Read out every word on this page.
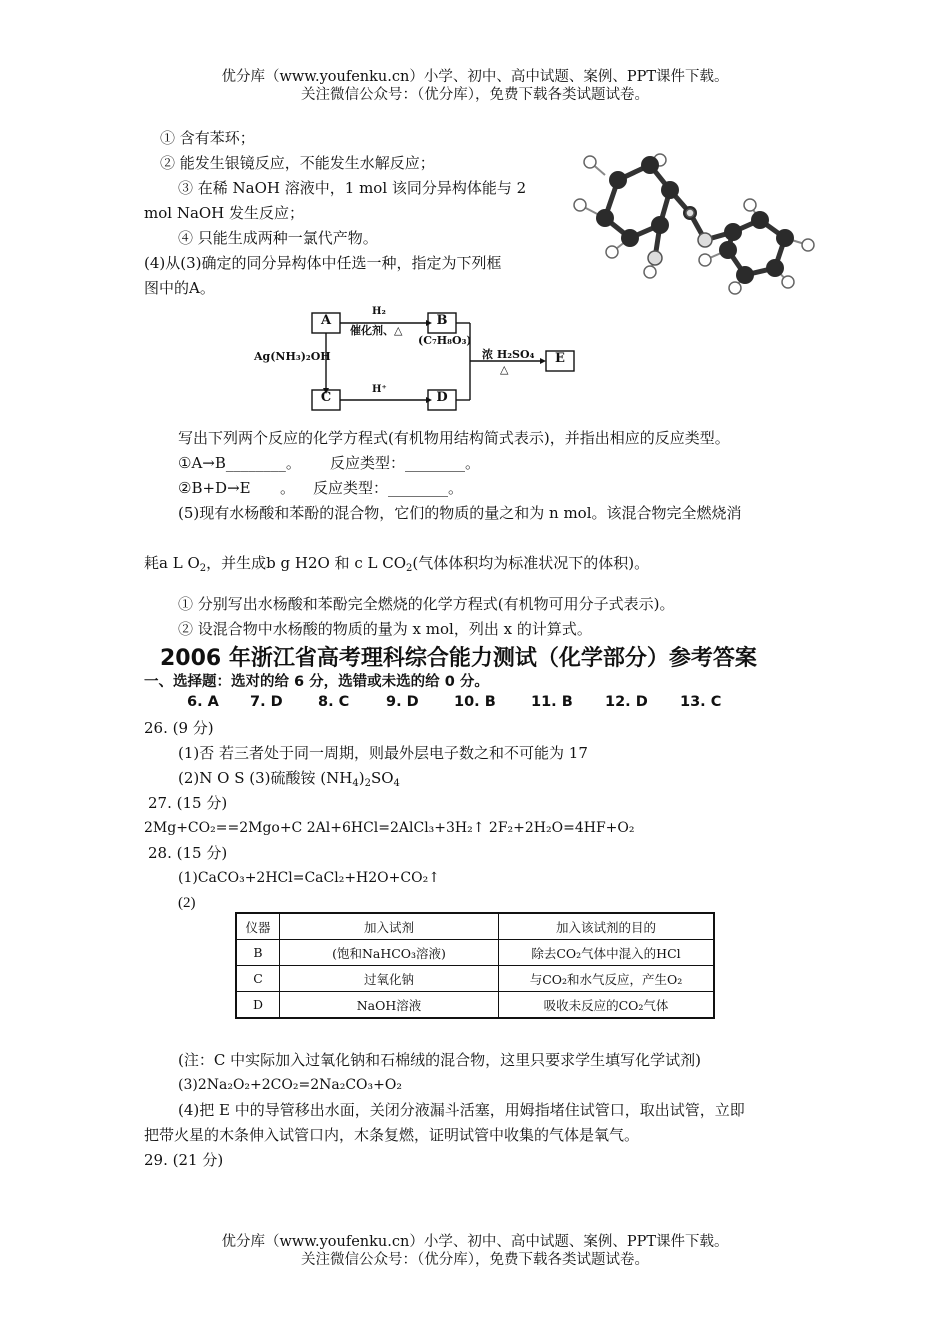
优分库（www.youfenku.cn）小学、初中、高中试题、案例、PPT课件下载。
关注微信公众号：（优分库），免费下载各类试题试卷。
① 含有苯环；
② 能发生银镜反应，不能发生水解反应；
③ 在稀 NaOH 溶液中，1 mol 该同分异构体能与 2
mol NaOH 发生反应；
④ 只能生成两种一氯代产物。
(4)从(3)确定的同分异构体中任选一种，指定为下列框
图中的A。
A	B
C	D
E
H₂
催化剂、△
(C₇H₈O₃)
Ag(NH₃)₂OH
H⁺
浓 H₂SO₄
△
写出下列两个反应的化学方程式(有机物用结构简式表示)，并指出相应的反应类型。
①A→B________。 反应类型：________。
②B+D→E 。 反应类型：________。
(5)现有水杨酸和苯酚的混合物，它们的物质的量之和为 n mol。该混合物完全燃烧消
耗a L $O_2$，并生成b g H2O 和 c L $CO_2$(气体体积均为标准状况下的体积)。
① 分别写出水杨酸和苯酚完全燃烧的化学方程式(有机物可用分子式表示)。
② 设混合物中水杨酸的物质的量为 x mol，列出 x 的计算式。
2006 年浙江省高考理科综合能力测试（化学部分）参考答案
一、选择题：选对的给 6 分，选错或未选的给 0 分。
6. A 7. D 8. C	9. D 10. B 11. B 12. D 13. C
26. (9 分)
(1)否 若三者处于同一周期，则最外层电子数之和不可能为 17
(2)N O S (3)硫酸铵 $(NH_4)_2SO_4$
27. (15 分)
2Mg+CO₂==2Mgo+C 2Al+6HCl=2AlCl₃+3H₂↑ 2F₂+2H₂O=4HF+O₂
28. (15 分)
(1)CaCO₃+2HCl=CaCl₂+H2O+CO₂↑
(2)
仪器	加入试剂	加入该试剂的目的
B	(饱和NaHCO₃溶液)	除去CO₂气体中混入的HCl
C	过氧化钠	与CO₂和水气反应，产生O₂
D	NaOH溶液	吸收未反应的CO₂气体
(注：C 中实际加入过氧化钠和石棉绒的混合物，这里只要求学生填写化学试剂)
(3)2Na₂O₂+2CO₂=2Na₂CO₃+O₂
(4)把 E 中的导管移出水面，关闭分液漏斗活塞，用姆指堵住试管口，取出试管，立即
把带火星的木条伸入试管口内，木条复燃，证明试管中收集的气体是氧气。
29. (21 分)
优分库（www.youfenku.cn）小学、初中、高中试题、案例、PPT课件下载。
关注微信公众号：（优分库），免费下载各类试题试卷。
